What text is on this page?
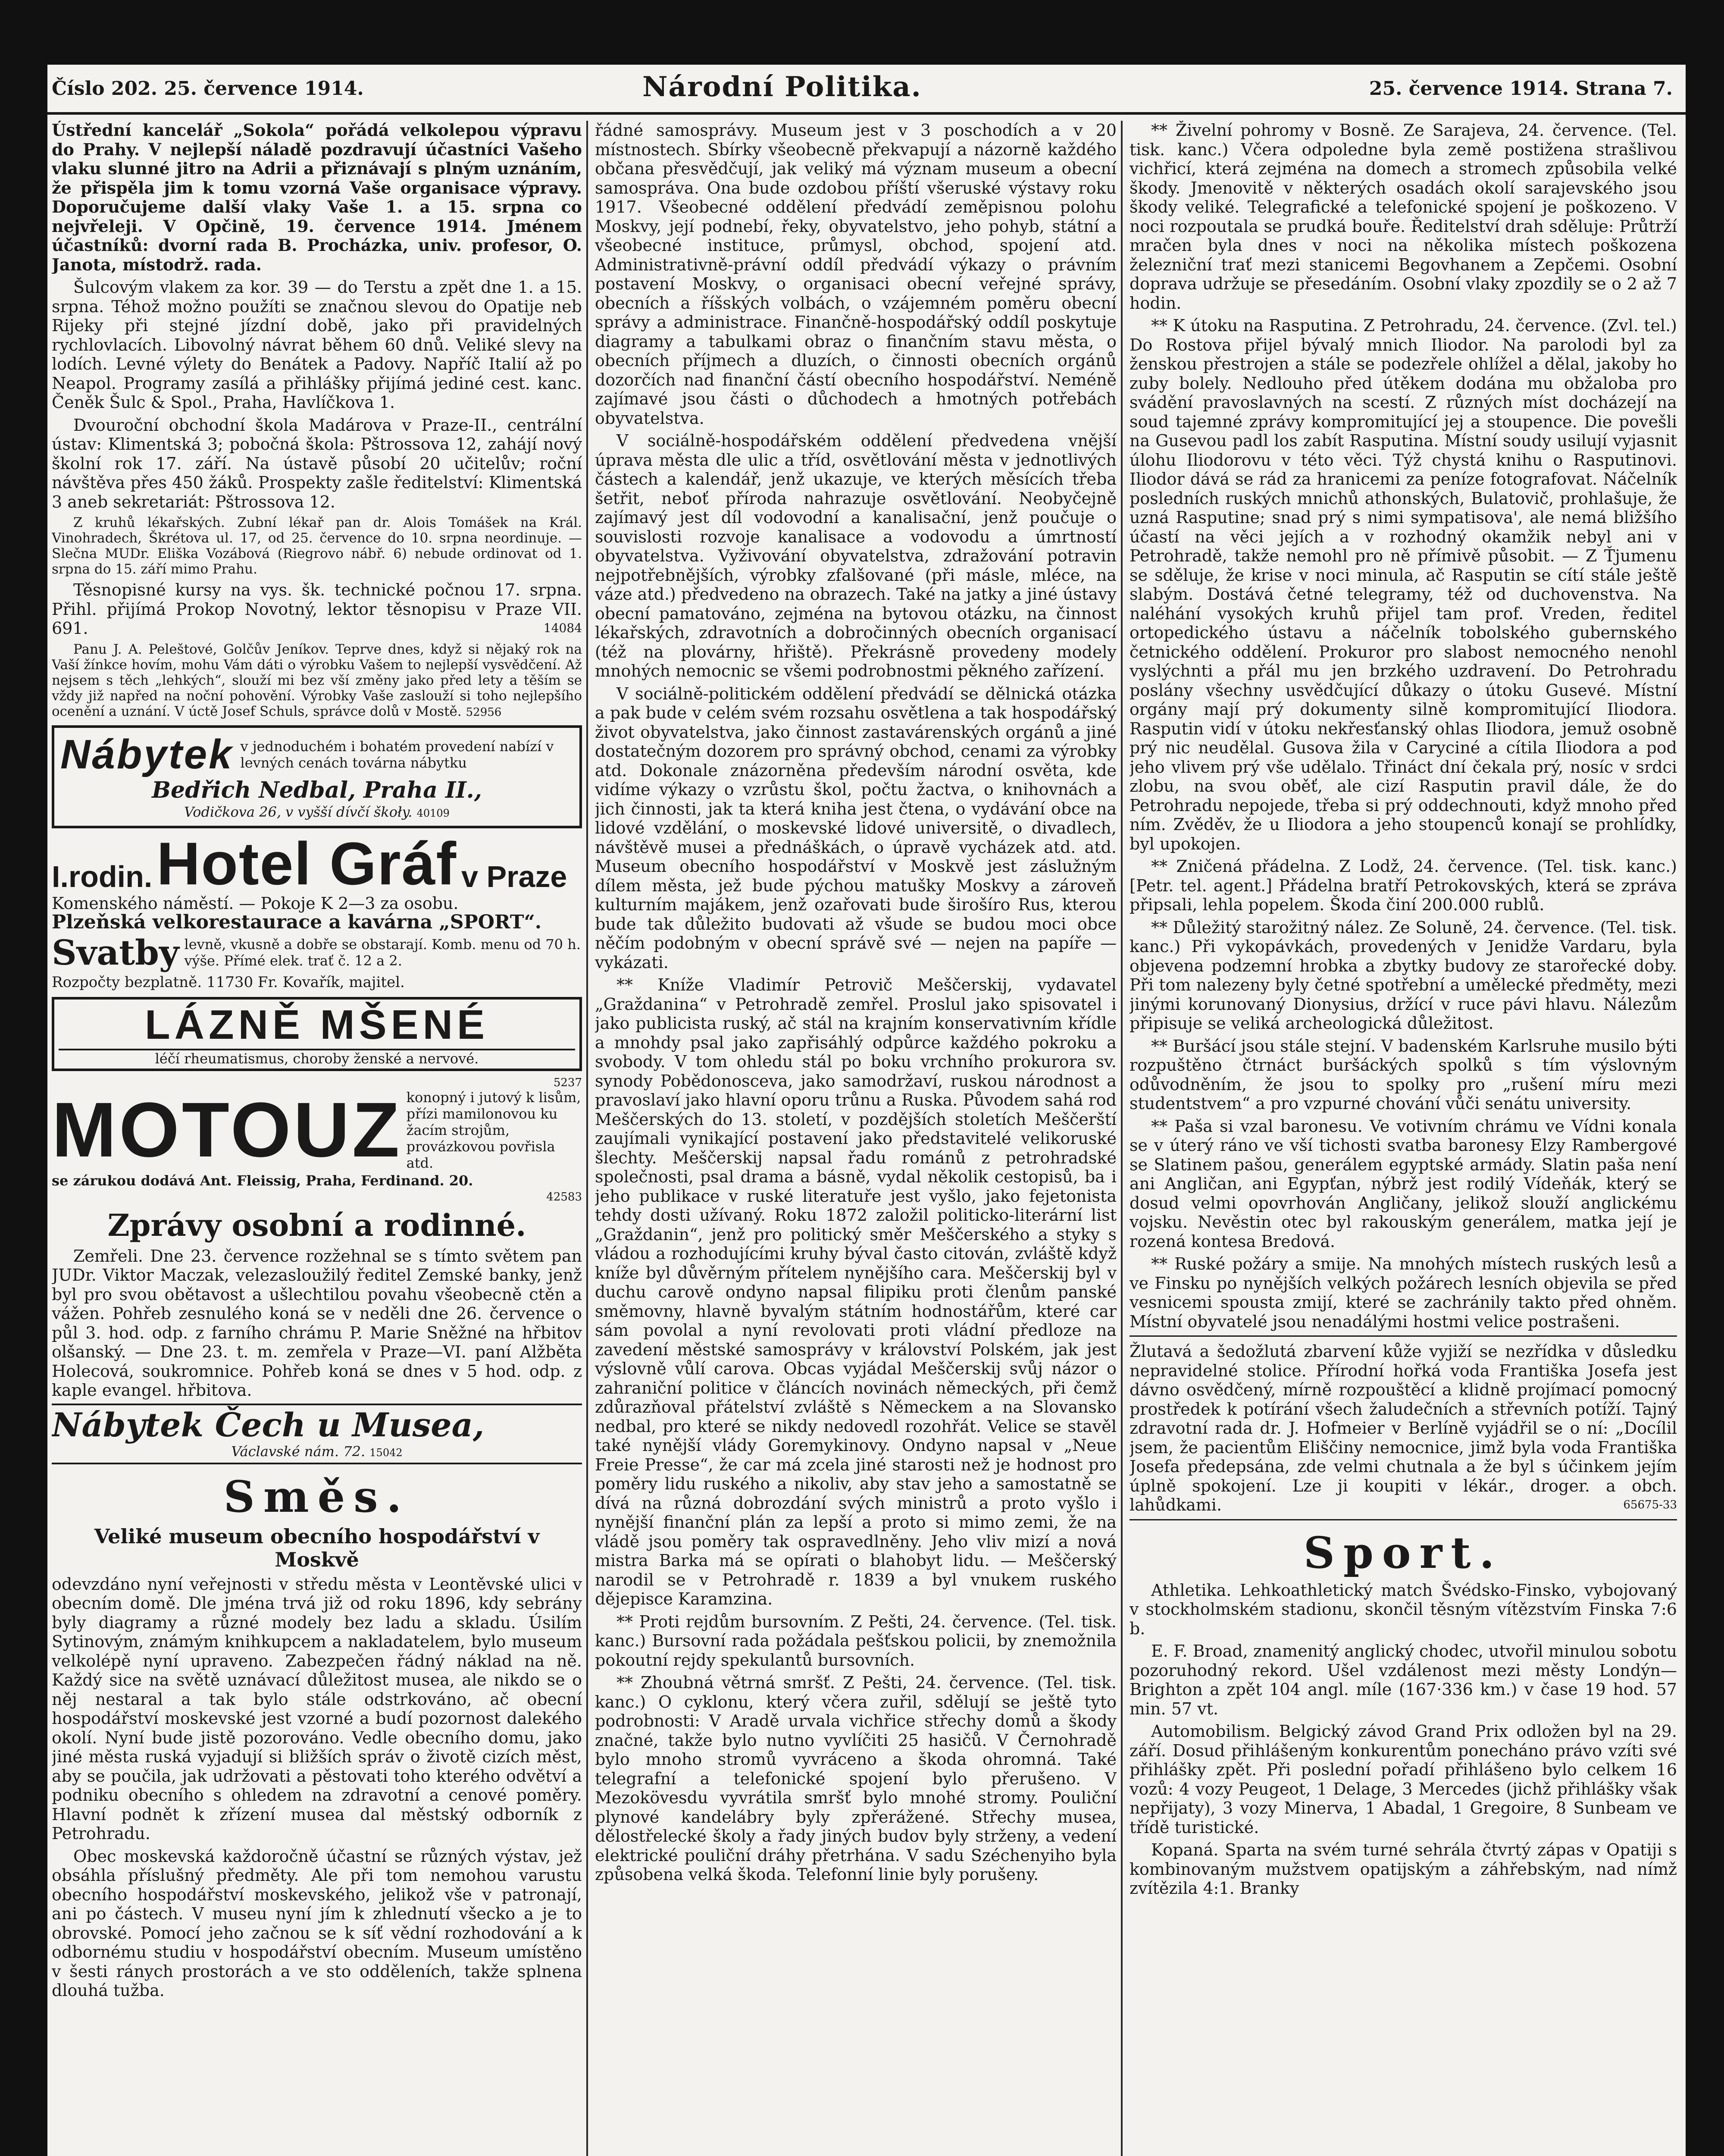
Číslo 202. 25. července 1914.	Národní Politika.	25. července 1914. Strana 7.

Ústřední kancelář „Sokola“ pořádá velkolepou výpravu do Prahy. V nejlepší náladě pozdravují účastníci Vašeho vlaku slunné jitro na Adrii a přiznávají s plným uznáním, že přispěla jim k tomu vzorná Vaše organisace výpravy. Doporučujeme další vlaky Vaše 1. a 15. srpna co nejvřeleji. V Opčině, 19. července 1914. Jménem účastníků: dvorní rada B. Procházka, univ. profesor, O. Janota, místodrž. rada.

Šulcovým vlakem za kor. 39 — do Terstu a zpět dne 1. a 15. srpna. Téhož možno použíti se značnou slevou do Opatije neb Rijeky při stejné jízdní době, jako při pravidelných rychlovlacích. Libovolný návrat během 60 dnů. Veliké slevy na lodích. Levné výlety do Benátek a Padovy. Napříč Italií až po Neapol. Programy zasílá a přihlášky přijímá jediné cest. kanc. Čeněk Šulc & Spol., Praha, Havlíčkova 1.

Dvouroční obchodní škola Madárova v Praze-II., centrální ústav: Klimentská 3; pobočná škola: Pštrossova 12, zahájí nový školní rok 17. září. Na ústavě působí 20 učitelův; roční návštěva přes 450 žáků. Prospekty zašle ředitelství: Klimentská 3 aneb sekretariát: Pštrossova 12.

Z kruhů lékařských. Zubní lékař pan dr. Alois Tomášek na Král. Vinohradech, Škrétova ul. 17, od 25. července do 10. srpna neordinuje. — Slečna MUDr. Eliška Vozábová (Riegrovo nábř. 6) nebude ordinovat od 1. srpna do 15. září mimo Prahu.

Těsnopisné kursy na vys. šk. technické počnou 17. srpna. Přihl. přijímá Prokop Novotný, lektor těsnopisu v Praze VII. 691.	14084

Panu J. A. Peleštové, Golčův Jeníkov. Teprve dnes, když si nějaký rok na Vaší žínkce hovím, mohu Vám dáti o výrobku Vašem to nejlepší vysvědčení. Až nejsem s těch „lehkých“, slouží mi bez vší změny jako před lety a těším se vždy již napřed na noční pohovění. Výrobky Vaše zaslouží si toho nejlepšího ocenění a uznání. V úctě Josef Schuls, správce dolů v Mostě. 52956

Nábytek v jednoduchém i bohatém provedení nabízí v levných cenách továrna nábytku
Bedřich Nedbal, Praha II.,
Vodičkova 26, v vyšší dívčí škoły. 40109
I.rodin. Hotel Gráf v Praze
Komenského náměstí. — Pokoje K 2—3 za osobu.
Plzeňská velkorestaurace a kavárna „SPORT“.
Svatby levně, vkusně a dobře se obstarají. Komb. menu od 70 h. výše. Přímé elek. trať č. 12 a 2.
Rozpočty bezplatně. 11730 Fr. Kovařík, majitel.
LÁZNĚ MŠENÉ
léčí rheumatismus, choroby ženské a nervové.
5237
MOTOUZ konopný i jutový k lisům, přízi mamilonovou ku žacím strojům, provázkovou povřisla atd.
se zárukou dodává Ant. Fleissig, Praha, Ferdinand. 20.
42583
Zprávy osobní a rodinné.

Zemřeli. Dne 23. července rozžehnal se s tímto světem pan JUDr. Viktor Maczak, velezasloužilý ředitel Zemské banky, jenž byl pro svou obětavost a ušlechtilou povahu všeobecně ctěn a vážen. Pohřeb zesnulého koná se v neděli dne 26. července o půl 3. hod. odp. z farního chrámu P. Marie Sněžné na hřbitov olšanský. — Dne 23. t. m. zemřela v Praze—VI. paní Alžběta Holecová, soukromnice. Pohřeb koná se dnes v 5 hod. odp. z kaple evangel. hřbitova.

Nábytek Čech u Musea,
Václavské nám. 72. 15042
Směs.
Veliké museum obecního hospodářství v Moskvě

odevzdáno nyní veřejnosti v středu města v Leontěvské ulici v obecním domě. Dle jména trvá již od roku 1896, kdy sebrány byly diagramy a různé modely bez ladu a skladu. Úsilím Sytinovým, známým knihkupcem a nakladatelem, bylo museum velkolépě nyní upraveno. Zabezpečen řádný náklad na ně. Každý sice na světě uznávací důležitost musea, ale nikdo se o něj nestaral a tak bylo stále odstrkováno, ač obecní hospodářství moskevské jest vzorné a budí pozornost dalekého okolí. Nyní bude jistě pozorováno. Vedle obecního domu, jako jiné města ruská vyjadují si bližších správ o životě cizích měst, aby se poučila, jak udržovati a pěstovati toho kterého odvětví a podniku obecního s ohledem na zdravotní a cenové poměry. Hlavní podnět k zřízení musea dal městský odborník z Petrohradu.

Obec moskevská každoročně účastní se různých výstav, jež obsáhla příslušný předměty. Ale při tom nemohou varustu obecního hospodářství moskevského, jelikož vše v patronají, ani po částech. V museu nyní jím k zhlednutí všecko a je to obrovské. Pomocí jeho začnou se k síť vědní rozhodování a k odbornému studiu v hospodářství obecním. Museum umístěno v šesti ránych prostorách a ve sto odděleních, takže splnena dlouhá tužba.

řádné samosprávy. Museum jest v 3 poschodích a v 20 místnostech. Sbírky všeobecně překvapují a názorně každého občana přesvědčují, jak veliký má význam museum a obecní samospráva. Ona bude ozdobou příští všeruské výstavy roku 1917. Všeobecné oddělení předvádí zeměpisnou polohu Moskvy, její podnebí, řeky, obyvatelstvo, jeho pohyb, státní a všeobecné instituce, průmysl, obchod, spojení atd. Administrativně-právní oddíl předvádí výkazy o právním postavení Moskvy, o organisaci obecní veřejné správy, obecních a říšských volbách, o vzájemném poměru obecní správy a administrace. Finančně-hospodářský oddíl poskytuje diagramy a tabulkami obraz o finančním stavu města, o obecních příjmech a dluzích, o činnosti obecních orgánů dozorčích nad finanční částí obecního hospodářství. Neméně zajímavé jsou části o důchodech a hmotných potřebách obyvatelstva.

V sociálně-hospodářském oddělení předvedena vnější úprava města dle ulic a tříd, osvětlování města v jednotlivých částech a kalendář, jenž ukazuje, ve kterých měsících třeba šetřit, neboť příroda nahrazuje osvětlování. Neobyčejně zajímavý jest díl vodovodní a kanalisační, jenž poučuje o souvislosti rozvoje kanalisace a vodovodu a úmrtností obyvatelstva. Vyživování obyvatelstva, zdražování potravin nejpotřebnějších, výrobky zfalšované (při másle, mléce, na váze atd.) předvedeno na obrazech. Také na jatky a jiné ústavy obecní pamatováno, zejména na bytovou otázku, na činnost lékařských, zdravotních a dobročinných obecních organisací (též na plovárny, hřiště). Překrásně provedeny modely mnohých nemocnic se všemi podrobnostmi pěkného zařízení.

V sociálně-politickém oddělení předvádí se dělnická otázka a pak bude v celém svém rozsahu osvětlena a tak hospodářský život obyvatelstva, jako činnost zastavárenských orgánů a jiné dostatečným dozorem pro správný obchod, cenami za výrobky atd. Dokonale znázorněna především národní osvěta, kde vidíme výkazy o vzrůstu škol, počtu žactva, o knihovnách a jich činnosti, jak ta která kniha jest čtena, o vydávání obce na lidové vzdělání, o moskevské lidové universitě, o divadlech, návštěvě musei a přednáškách, o úpravě vycházek atd. atd. Museum obecního hospodářství v Moskvě jest záslužným dílem města, jež bude pýchou matušky Moskvy a zároveň kulturním majákem, jenž ozařovati bude širošíro Rus, kterou bude tak důležito budovati až všude se budou moci obce něčím podobným v obecní správě své — nejen na papíře — vykázati.

** Kníže Vladimír Petrovič Meščerskij, vydavatel „Graždanina“ v Petrohradě zemřel. Proslul jako spisovatel i jako publicista ruský, ač stál na krajním konservativním křídle a mnohdy psal jako zapřisáhlý odpůrce každého pokroku a svobody. V tom ohledu stál po boku vrchního prokurora sv. synody Pobědonosceva, jako samodržaví, ruskou národnost a pravoslaví jako hlavní oporu trůnu a Ruska. Původem sahá rod Meščerských do 13. století, v pozdějších stoletích Meščerští zaujímali vynikající postavení jako představitelé velikoruské šlechty. Meščerskij napsal řadu románů z petrohradské společnosti, psal drama a básně, vydal několik cestopisů, ba i jeho publikace v ruské literatuře jest vyšlo, jako fejetonista tehdy dosti užívaný. Roku 1872 založil politicko-literární list „Graždanin“, jenž pro politický směr Meščerského a styky s vládou a rozhodujícími kruhy býval často citován, zvláště když kníže byl důvěrným přítelem nynějšího cara. Meščerskij byl v duchu carově ondyno napsal filipiku proti členům panské směmovny, hlavně byvalým státním hodnostářům, které car sám povolal a nyní revolovati proti vládní předloze na zavedení městské samosprávy v království Polském, jak jest výslovně vůlí carova. Obcas vyjádal Meščerskij svůj názor o zahraniční politice v článcích novinách německých, při čemž zdůrazňoval přátelství zvláště s Německem a na Slovansko nedbal, pro které se nikdy nedovedl rozohřát. Velice se stavěl také nynější vlády Goremykinovy. Ondyno napsal v „Neue Freie Presse“, že car má zcela jiné starosti než je hodnost pro poměry lidu ruského a nikoliv, aby stav jeho a samostatně se dívá na různá dobrozdání svých ministrů a proto vyšlo i nynější finanční plán za lepší a proto si mimo zemi, že na vládě jsou poměry tak ospravedlněny. Jeho vliv mizí a nová mistra Barka má se opírati o blahobyt lidu. — Meščerský narodil se v Petrohradě r. 1839 a byl vnukem ruského dějepisce Karamzina.

** Proti rejdům bursovním. Z Pešti, 24. července. (Tel. tisk. kanc.) Bursovní rada požádala pešťskou policii, by znemožnila pokoutní rejdy spekulantů bursovních.

** Zhoubná větrná smršť. Z Pešti, 24. července. (Tel. tisk. kanc.) O cyklonu, který včera zuřil, sdělují se ještě tyto podrobnosti: V Aradě urvala vichřice střechy domů a škody značné, takže bylo nutno vyvlíčiti 25 hasičů. V Černohradě bylo mnoho stromů vyvráceno a škoda ohromná. Také telegrafní a telefonické spojení bylo přerušeno. V Mezokövesdu vyvrátila smršť bylo mnohé stromy. Pouliční plynové kandelábry byly zpřerážené. Střechy musea, dělostřelecké školy a řady jiných budov byly strženy, a vedení elektrické pouliční dráhy přetrhána. V sadu Széchenyiho byla způsobena velká škoda. Telefonní linie byly porušeny.

** Živelní pohromy v Bosně. Ze Sarajeva, 24. července. (Tel. tisk. kanc.) Včera odpoledne byla země postižena strašlivou vichřicí, která zejména na domech a stromech způsobila velké škody. Jmenovitě v některých osadách okolí sarajevského jsou škody veliké. Telegrafické a telefonické spojení je poškozeno. V noci rozpoutala se prudká bouře. Ředitelství drah sděluje: Průtrží mračen byla dnes v noci na několika místech poškozena železniční trať mezi stanicemi Begovhanem a Zepčemi. Osobní doprava udržuje se přesedáním. Osobní vlaky zpozdily se o 2 až 7 hodin.

** K útoku na Rasputina. Z Petrohradu, 24. července. (Zvl. tel.) Do Rostova přijel bývalý mnich Iliodor. Na parolodi byl za ženskou přestrojen a stále se podezřele ohlížel a dělal, jakoby ho zuby bolely. Nedlouho před útěkem dodána mu obžaloba pro svádění pravoslavných na scestí. Z různých míst docházejí na soud tajemné zprávy kompromitující jej a stoupence. Die povešli na Gusevou padl los zabít Rasputina. Místní soudy usilují vyjasnit úlohu Iliodorovu v této věci. Týž chystá knihu o Rasputinovi. Iliodor dává se rád za hranicemi za peníze fotografovat. Náčelník posledních ruských mnichů athonských, Bulatovič, prohlašuje, že uzná Rasputine; snad prý s nimi sympatisova', ale nemá bližšího účastí na věci jejích a v rozhodný okamžik nebyl ani v Petrohradě, takže nemohl pro ně přímivě působit. — Z Ťjumenu se sděluje, že krise v noci minula, ač Rasputin se cítí stále ještě slabým. Dostává četné telegramy, též od duchovenstva. Na naléhání vysokých kruhů přijel tam prof. Vreden, ředitel ortopedického ústavu a náčelník tobolského gubernského četnického oddělení. Prokuror pro slabost nemocného nenohl vyslýchnti a přál mu jen brzkého uzdravení. Do Petrohradu poslány všechny usvědčující důkazy o útoku Gusevé. Místní orgány mají prý dokumenty silně kompromitující Iliodora. Rasputin vidí v útoku nekřesťanský ohlas Iliodora, jemuž osobně prý nic neudělal. Gusova žila v Caryciné a cítila Iliodora a pod jeho vlivem prý vše udělalo. Třináct dní čekala prý, nosíc v srdci zlobu, na svou oběť, ale cizí Rasputin pravil dále, že do Petrohradu nepojede, třeba si prý oddechnouti, když mnoho před ním. Zvěděv, že u Iliodora a jeho stoupenců konají se prohlídky, byl upokojen.

** Zničená přádelna. Z Lodž, 24. července. (Tel. tisk. kanc.) [Petr. tel. agent.] Přádelna bratří Petrokovských, která se zpráva připsali, lehla popelem. Škoda činí 200.000 rublů.

** Důležitý starožitný nález. Ze Soluně, 24. července. (Tel. tisk. kanc.) Při vykopávkách, provedených v Jenidže Vardaru, byla objevena podzemní hrobka a zbytky budovy ze starořecké doby. Při tom nalezeny byly četné spotřební a umělecké předměty, mezi jinými korunovaný Dionysius, držící v ruce pávi hlavu. Nálezům připisuje se veliká archeologická důležitost.

** Buršácí jsou stále stejní. V badenském Karlsruhe musilo býti rozpuštěno čtrnáct buršáckých spolků s tím výslovným odůvodněním, že jsou to spolky pro „rušení míru mezi studentstvem“ a pro vzpurné chování vůči senátu university.

** Paša si vzal baronesu. Ve votivním chrámu ve Vídni konala se v úterý ráno ve vší tichosti svatba baronesy Elzy Rambergové se Slatinem pašou, generálem egyptské armády. Slatin paša není ani Angličan, ani Egypťan, nýbrž jest rodilý Vídeňák, který se dosud velmi opovrhován Angličany, jelikož slouží anglickému vojsku. Nevěstin otec byl rakouským generálem, matka její je rozená kontesa Bredová.

** Ruské požáry a smije. Na mnohých místech ruských lesů a ve Finsku po nynějších velkých požárech lesních objevila se před vesnicemi spousta zmijí, které se zachránily takto před ohněm. Místní obyvatelé jsou nenadálými hostmi velice postrašeni.

Žlutavá a šedožlutá zbarvení kůže vyjiží se nezřídka v důsledku nepravidelné stolice. Přírodní hořká voda Františka Josefa jest dávno osvědčený, mírně rozpouštěcí a klidně projímací pomocný prostředek k potírání všech žaludečních a střevních potíží. Tajný zdravotní rada dr. J. Hofmeier v Berlíně vyjádřil se o ní: „Docílil jsem, že pacientům Eliščiny nemocnice, jimž byla voda Františka Josefa předepsána, zde velmi chutnala a že byl s účinkem jejím úplně spokojení. Lze ji koupiti v lékár., droger. a obch. lahůdkami.	65675-33

Sport.

Athletika. Lehkoathletický match Švédsko-Finsko, vybojovaný v stockholmském stadionu, skončil těsným vítězstvím Finska 7:6 b.

E. F. Broad, znamenitý anglický chodec, utvořil minulou sobotu pozoruhodný rekord. Ušel vzdálenost mezi městy Londýn—Brighton a zpět 104 angl. míle (167·336 km.) v čase 19 hod. 57 min. 57 vt.

Automobilism. Belgický závod Grand Prix odložen byl na 29. září. Dosud přihlášeným konkurentům ponecháno právo vzíti své přihlášky zpět. Při poslední pořadí přihlášeno bylo celkem 16 vozů: 4 vozy Peugeot, 1 Delage, 3 Mercedes (jichž přihlášky však nepřijaty), 3 vozy Minerva, 1 Abadal, 1 Gregoire, 8 Sunbeam ve třídě turistické.

Kopaná. Sparta na svém turné sehrála čtvrtý zápas v Opatiji s kombinovaným mužstvem opatijským a záhřebským, nad nímž zvítězila 4:1. Branky
